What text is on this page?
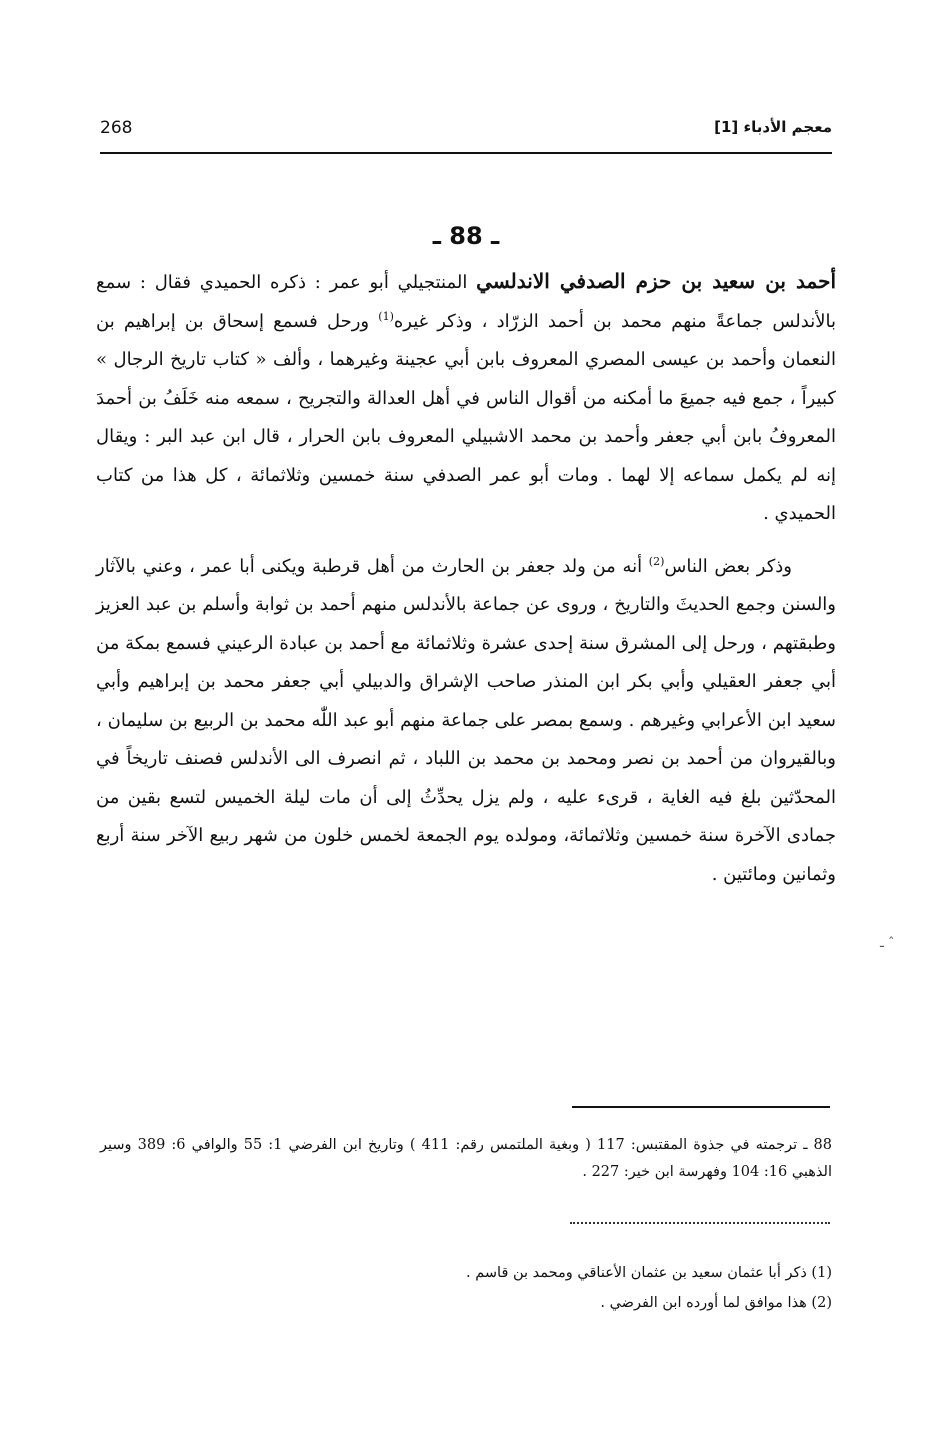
268	معجم الأدباء [1]
ـ 88 ـ

أحمد بن سعيد بن حزم الصدفي الاندلسي المنتجيلي أبو عمر : ذكره الحميدي فقال : سمع بالأندلس جماعةً منهم محمد بن أحمد الزرّاد ، وذكر غيره$^{(1)}$ ورحل فسمع إسحاق بن إبراهيم بن النعمان وأحمد بن عيسى المصري المعروف بابن أبي عجينة وغيرهما ، وألف « كتاب تاريخ الرجال » كبيراً ، جمع فيه جميعَ ما أمكنه من أقوال الناس في أهل العدالة والتجريح ، سمعه منه خَلَفُ بن أحمدَ المعروفُ بابن أبي جعفر وأحمد بن محمد الاشبيلي المعروف بابن الحرار ، قال ابن عبد البر : ويقال إنه لم يكمل سماعه إلا لهما . ومات أبو عمر الصدفي سنة خمسين وثلاثمائة ، كل هذا من كتاب الحميدي .

وذكر بعض الناس$^{(2)}$ أنه من ولد جعفر بن الحارث من أهل قرطبة ويكنى أبا عمر ، وعني بالآثار والسنن وجمع الحديثَ والتاريخ ، وروى عن جماعة بالأندلس منهم أحمد بن ثوابة وأسلم بن عبد العزيز وطبقتهم ، ورحل إلى المشرق سنة إحدى عشرة وثلاثمائة مع أحمد بن عبادة الرعيني فسمع بمكة من أبي جعفر العقيلي وأبي بكر ابن المنذر صاحب الإشراق والدبيلي أبي جعفر محمد بن إبراهيم وأبي سعيد ابن الأعرابي وغيرهم . وسمع بمصر على جماعة منهم أبو عبد اللّٰه محمد بن الربيع بن سليمان ، وبالقيروان من أحمد بن نصر ومحمد بن محمد بن اللباد ، ثم انصرف الى الأندلس فصنف تاريخاً في المحدّثين بلغ فيه الغاية ، قرىء عليه ، ولم يزل يحدِّثُ إلى أن مات ليلة الخميس لتسع بقين من جمادى الآخرة سنة خمسين وثلاثمائة، ومولده يوم الجمعة لخمس خلون من شهر ربيع الآخر سنة أربع وثمانين ومائتين .

ـ ˆ

88 ـ ترجمته في جذوة المقتبس: 117 ( وبغية الملتمس رقم: 411 ) وتاريخ ابن الفرضي 1: 55 والوافي 6: 389 وسير الذهبي 16: 104 وفهرسة ابن خير: 227 .

(1) ذكر أبا عثمان سعيد بن عثمان الأعناقي ومحمد بن قاسم .
(2) هذا موافق لما أورده ابن الفرضي .
